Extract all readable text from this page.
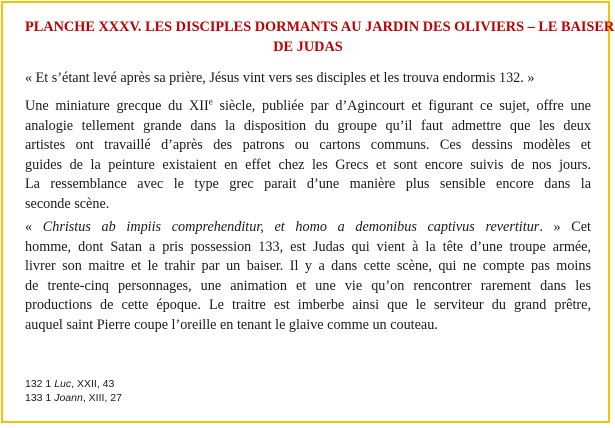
PLANCHE XXXV. LES DISCIPLES DORMANTS AU JARDIN DES OLIVIERS – LE BAISER
DE JUDAS

« Et s’étant levé après sa prière, Jésus vint vers ses disciples et les trouva endormis 132. »

Une miniature grecque du XIIe siècle, publiée par d’Agincourt et figurant ce sujet, offre une
analogie tellement grande dans la disposition du groupe qu’il faut admettre que les deux
artistes ont travaillé d’après des patrons ou cartons communs. Ces dessins modèles et
guides de la peinture existaient en effet chez les Grecs et sont encore suivis de nos jours.
La ressemblance avec le type grec parait d’une manière plus sensible encore dans la
seconde scène.

« Christus ab impiis comprehenditur, et homo a demonibus captivus revertitur. » Cet
homme, dont Satan a pris possession 133, est Judas qui vient à la tête d’une troupe armée,
livrer son maitre et le trahir par un baiser. Il y a dans cette scène, qui ne compte pas moins
de trente-cinq personnages, une animation et une vie qu’on rencontrer rarement dans les
productions de cette époque. Le traitre est imberbe ainsi que le serviteur du grand prêtre,
auquel saint Pierre coupe l’oreille en tenant le glaive comme un couteau.

132 1 Luc, XXII, 43
133 1 Joann, XIII, 27
